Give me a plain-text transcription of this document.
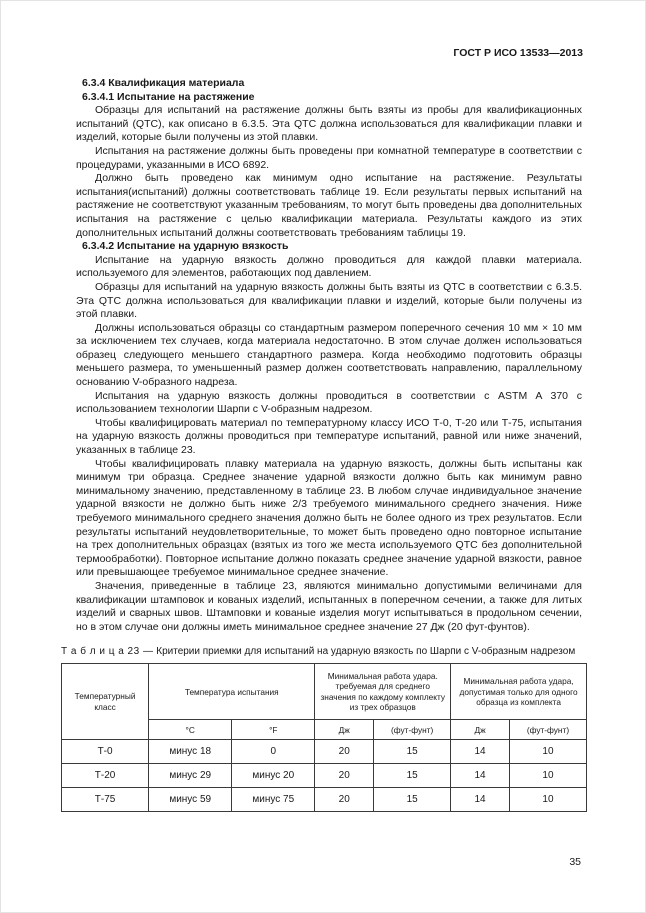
ГОСТ Р ИСО 13533—2013

6.3.4 Квалификация материала

6.3.4.1 Испытание на растяжение

Образцы для испытаний на растяжение должны быть взяты из пробы для квалификационных испытаний (QTC), как описано в 6.3.5. Эта QTC должна использоваться для квалификации плавки и изделий, которые были получены из этой плавки.

Испытания на растяжение должны быть проведены при комнатной температуре в соответствии с процедурами, указанными в ИСО 6892.

Должно быть проведено как минимум одно испытание на растяжение. Результаты испытания(испытаний) должны соответствовать таблице 19. Если результаты первых испытаний на растяжение не соответствуют указанным требованиям, то могут быть проведены два дополнительных испытания на растяжение с целью квалификации материала. Результаты каждого из этих дополнительных испытаний должны соответствовать требованиям таблицы 19.

6.3.4.2 Испытание на ударную вязкость

Испытание на ударную вязкость должно проводиться для каждой плавки материала. используемого для элементов, работающих под давлением.

Образцы для испытаний на ударную вязкость должны быть взяты из QTC в соответствии с 6.3.5. Эта QTC должна использоваться для квалификации плавки и изделий, которые были получены из этой плавки.

Должны использоваться образцы со стандартным размером поперечного сечения 10 мм × 10 мм за исключением тех случаев, когда материала недостаточно. В этом случае должен использоваться образец следующего меньшего стандартного размера. Когда необходимо подготовить образцы меньшего размера, то уменьшенный размер должен соответствовать направлению, параллельному основанию V-образного надреза.

Испытания на ударную вязкость должны проводиться в соответствии с ASTM A 370 с использованием технологии Шарпи с V-образным надрезом.

Чтобы квалифицировать материал по температурному классу ИСО Т-0, Т-20 или Т-75, испытания на ударную вязкость должны проводиться при температуре испытаний, равной или ниже значений, указанных в таблице 23.

Чтобы квалифицировать плавку материала на ударную вязкость, должны быть испытаны как минимум три образца. Среднее значение ударной вязкости должно быть как минимум равно минимальному значению, представленному в таблице 23. В любом случае индивидуальное значение ударной вязкости не должно быть ниже 2/3 требуемого минимального среднего значения. Ниже требуемого минимального среднего значения должно быть не более одного из трех результатов. Если результаты испытаний неудовлетворительные, то может быть проведено одно повторное испытание на трех дополнительных образцах (взятых из того же места используемого QTC без дополнительной термообработки). Повторное испытание должно показать среднее значение ударной вязкости, равное или превышающее требуемое минимальное среднее значение.

Значения, приведенные в таблице 23, являются минимально допустимыми величинами для квалификации штамповок и кованых изделий, испытанных в поперечном сечении, а также для литых изделий и сварных швов. Штамповки и кованые изделия могут испытываться в продольном сечении, но в этом случае они должны иметь минимальное среднее значение 27 Дж (20 фут-фунтов).

Т а б л и ц а 23 — Критерии приемки для испытаний на ударную вязкость по Шарпи с V-образным надрезом
Температурный класс	Температура испытания		Минимальная работа удара. требуемая для среднего значения по каждому комплекту из трех образцов		Минимальная работа удара, допустимая только для одного образца из комплекта	
	°С	°F	Дж	(фут-фунт)	Дж	(фут-фунт)
Т-0	минус 18	0	20	15	14	10
Т-20	минус 29	минус 20	20	15	14	10
Т-75	минус 59	минус 75	20	15	14	10
35
